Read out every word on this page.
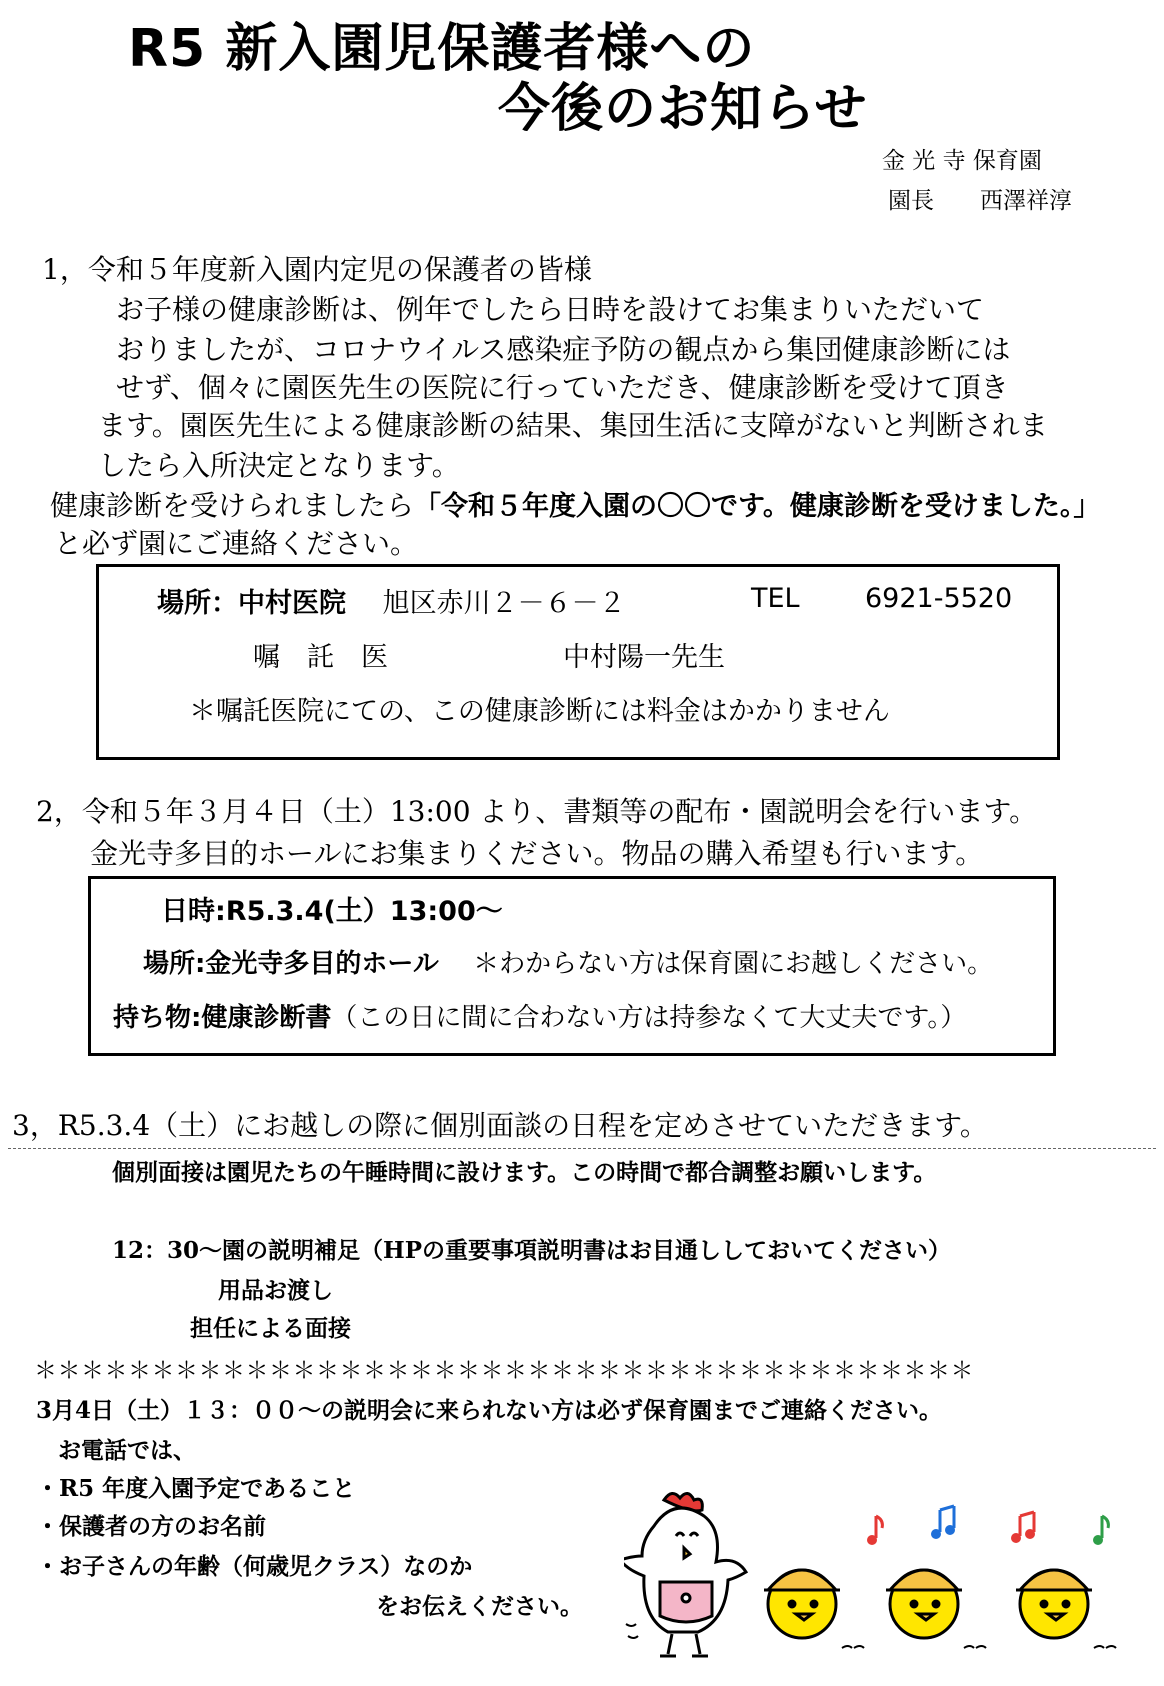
R5 新入園児保護者様への
今後のお知らせ
金 光 寺 保育園
園長　　西澤祥淳
1，令和５年度新入園内定児の保護者の皆様
お子様の健康診断は、例年でしたら日時を設けてお集まりいただいて
おりましたが、コロナウイルス感染症予防の観点から集団健康診断には
せず、個々に園医先生の医院に行っていただき、健康診断を受けて頂き
ます。園医先生による健康診断の結果、集団生活に支障がないと判断されま
したら入所決定となります。
健康診断を受けられましたら「令和５年度入園の〇〇です。健康診断を受けました。」
と必ず園にご連絡ください。
場所：中村医院 旭区赤川２－６－２	TEL 6921-5520
嘱　託　医	中村陽一先生
＊嘱託医院にての、この健康診断には料金はかかりません
2，令和５年３月４日（土）13:00 より、書類等の配布・園説明会を行います。
金光寺多目的ホールにお集まりください。物品の購入希望も行います。
日時:R5.3.4(土）13:00～
場所:金光寺多目的ホール ＊わからない方は保育園にお越しください。
持ち物:健康診断書（この日に間に合わない方は持参なくて大丈夫です。）
3，R5.3.4（土）にお越しの際に個別面談の日程を定めさせていただきます。
個別面接は園児たちの午睡時間に設けます。この時間で都合調整お願いします。
12：30～園の説明補足（HPの重要事項説明書はお目通ししておいてください）
用品お渡し
担任による面接
＊＊＊＊＊＊＊＊＊＊＊＊＊＊＊＊＊＊＊＊＊＊＊＊＊＊＊＊＊＊＊＊＊＊＊＊＊＊＊＊
3月4日（土）１３：００～の説明会に来られない方は必ず保育園までご連絡ください。
お電話では、
・R5 年度入園予定であること
・保護者の方のお名前
・お子さんの年齢（何歳児クラス）なのか
をお伝えください。
